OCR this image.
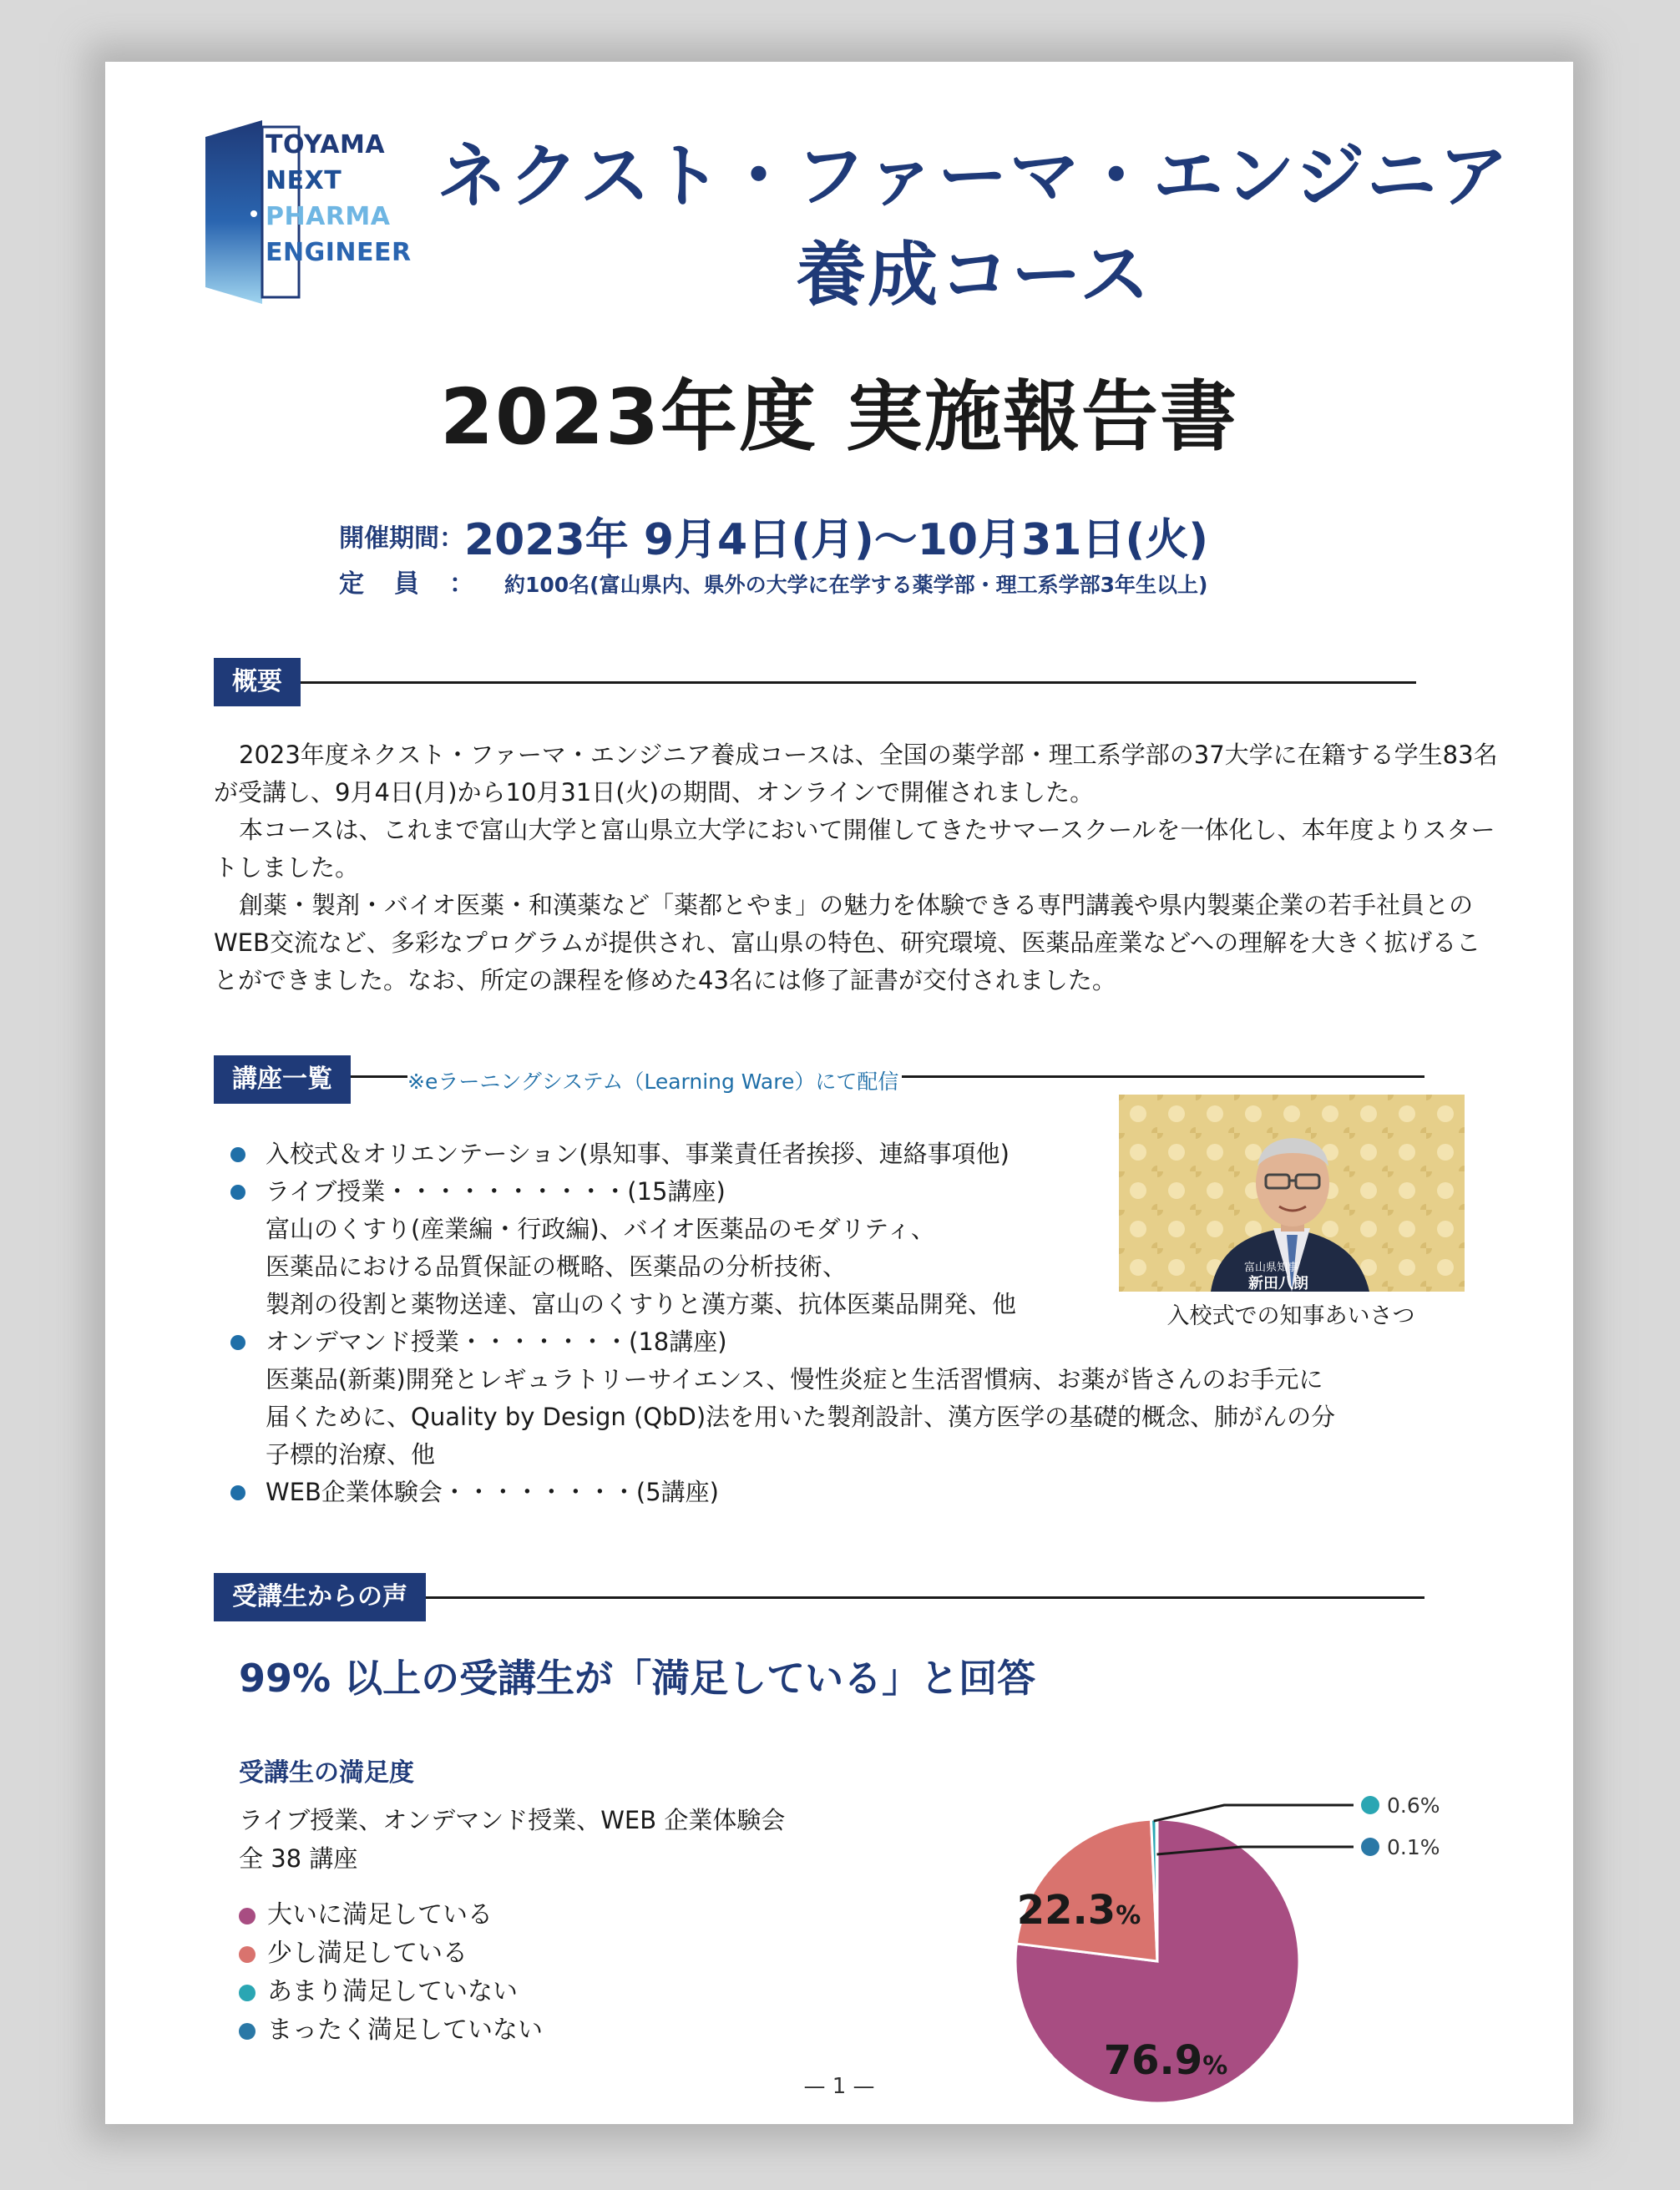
TOYAMA
NEXT
PHARMA
ENGINEER
ネクスト・ファーマ・エンジニア
養成コース
2023年度 実施報告書
開催期間：2023年 9月4日(月)～10月31日(火)
定員：約100名(富山県内、県外の大学に在学する薬学部・理工系学部3年生以上)
概要
2023年度ネクスト・ファーマ・エンジニア養成コースは、全国の薬学部・理工系学部の37大学に在籍する学生83名が受講し、9月4日(月)から10月31日(火)の期間、オンラインで開催されました。
本コースは、これまで富山大学と富山県立大学において開催してきたサマースクールを一体化し、本年度よりスタートしました。
創薬・製剤・バイオ医薬・和漢薬など「薬都とやま」の魅力を体験できる専門講義や県内製薬企業の若手社員とのWEB交流など、多彩なプログラムが提供され、富山県の特色、研究環境、医薬品産業などへの理解を大きく拡げることができました。なお、所定の課程を修めた43名には修了証書が交付されました。
講座一覧	※eラーニングシステム（Learning Ware）にて配信
入校式＆オリエンテーション(県知事、事業責任者挨拶、連絡事項他)
ライブ授業・・・・・・・・・・(15講座)
富山のくすり(産業編・行政編)、バイオ医薬品のモダリティ、
医薬品における品質保証の概略、医薬品の分析技術、
製剤の役割と薬物送達、富山のくすりと漢方薬、抗体医薬品開発、他
オンデマンド授業・・・・・・・(18講座)
医薬品(新薬)開発とレギュラトリーサイエンス、慢性炎症と生活習慣病、お薬が皆さんのお手元に
届くために、Quality by Design (QbD)法を用いた製剤設計、漢方医学の基礎的概念、肺がんの分
子標的治療、他
WEB企業体験会・・・・・・・・(5講座)
富山県知事
新田八朗
入校式での知事あいさつ
受講生からの声
99% 以上の受講生が「満足している」と回答
受講生の満足度
ライブ授業、オンデマンド授業、WEB 企業体験会
全 38 講座
大いに満足している
少し満足している
あまり満足していない
まったく満足していない
76.9%
22.3%
0.6%
0.1%
— 1 —
